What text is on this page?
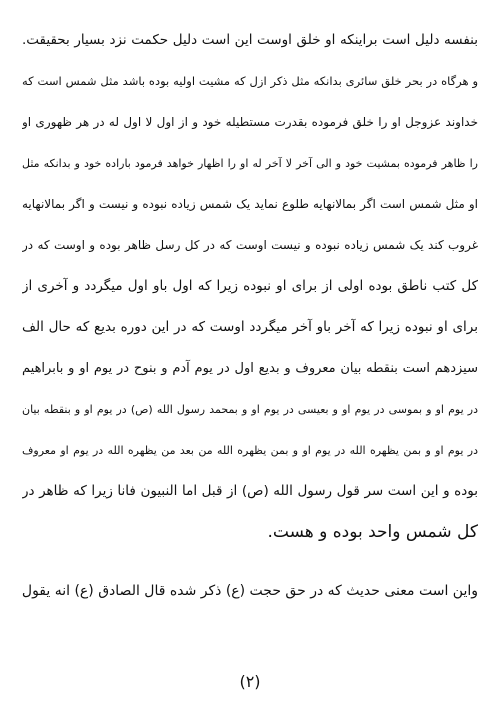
بنفسه دلیل است براینکه او خلق اوست این است دلیل حکمت نزد بسیار بحقیقت.
و هرگاه در بحر خلق سائری بدانکه مثل ذکر ازل که مشیت اولیه بوده باشد مثل شمس است که
خداوند عزوجل او را خلق فرموده بقدرت مستطیله خود و از اول لا اول له در هر ظهوری او
را ظاهر فرموده بمشیت خود و الی آخر لا آخر له او را اظهار خواهد فرمود باراده خود و بدانکه مثل
او مثل شمس است اگر بمالانهایه طلوع نماید یک شمس زیاده نبوده و نیست و اگر بمالانهایه
غروب کند یک شمس زیاده نبوده و نیست اوست که در کل رسل ظاهر بوده و اوست که در
کل کتب ناطق بوده اولی از برای او نبوده زیرا که اول باو اول میگردد و آخری از
برای او نبوده زیرا که آخر باو آخر میگردد اوست که در این دوره بدیع که حال الف
سیزدهم است بنقطه بیان معروف و بدیع اول در یوم آدم و بنوح در یوم او و بابراهیم
در یوم او و بموسی در یوم او و بعیسی در یوم او و بمحمد رسول الله (ص) در یوم او و بنقطه بیان
در یوم او و بمن یظهره الله در یوم او و بمن یظهره الله من بعد من یظهره الله در یوم او معروف
بوده و این است سر قول رسول الله (ص) از قبل اما النبیون فانا زیرا که ظاهر در
کل شمس واحد بوده و هست.
واین است معنی حدیث که در حق حجت (ع) ذکر شده قال الصادق (ع) انه یقول
(۲)
